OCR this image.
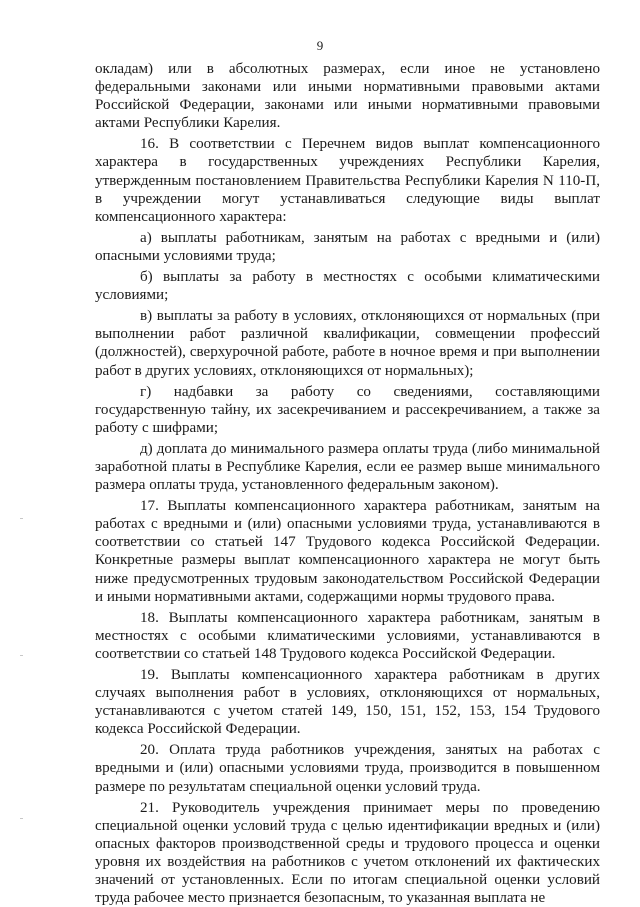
9

окладам) или в абсолютных размерах, если иное не установлено федеральными законами или иными нормативными правовыми актами Российской Федерации, законами или иными нормативными правовыми актами Республики Карелия.

16. В соответствии с Перечнем видов выплат компенсационного характера в государственных учреждениях Республики Карелия, утвержденным постановлением Правительства Республики Карелия N 110-П, в учреждении могут устанавливаться следующие виды выплат компенсационного характера:

а) выплаты работникам, занятым на работах с вредными и (или) опасными условиями труда;

б) выплаты за работу в местностях с особыми климатическими условиями;

в) выплаты за работу в условиях, отклоняющихся от нормальных (при выполнении работ различной квалификации, совмещении профессий (должностей), сверхурочной работе, работе в ночное время и при выполнении работ в других условиях, отклоняющихся от нормальных);

г) надбавки за работу со сведениями, составляющими государственную тайну, их засекречиванием и рассекречиванием, а также за работу с шифрами;

д) доплата до минимального размера оплаты труда (либо минимальной заработной платы в Республике Карелия, если ее размер выше минимального размера оплаты труда, установленного федеральным законом).

17. Выплаты компенсационного характера работникам, занятым на работах с вредными и (или) опасными условиями труда, устанавливаются в соответствии со статьей 147 Трудового кодекса Российской Федерации. Конкретные размеры выплат компенсационного характера не могут быть ниже предусмотренных трудовым законодательством Российской Федерации и иными нормативными актами, содержащими нормы трудового права.

18. Выплаты компенсационного характера работникам, занятым в местностях с особыми климатическими условиями, устанавливаются в соответствии со статьей 148 Трудового кодекса Российской Федерации.

19. Выплаты компенсационного характера работникам в других случаях выполнения работ в условиях, отклоняющихся от нормальных, устанавливаются с учетом статей 149, 150, 151, 152, 153, 154 Трудового кодекса Российской Федерации.

20. Оплата труда работников учреждения, занятых на работах с вредными и (или) опасными условиями труда, производится в повышенном размере по результатам специальной оценки условий труда.

21. Руководитель учреждения принимает меры по проведению специальной оценки условий труда с целью идентификации вредных и (или) опасных факторов производственной среды и трудового процесса и оценки уровня их воздействия на работников с учетом отклонений их фактических значений от установленных. Если по итогам специальной оценки условий труда рабочее место признается безопасным, то указанная выплата не
